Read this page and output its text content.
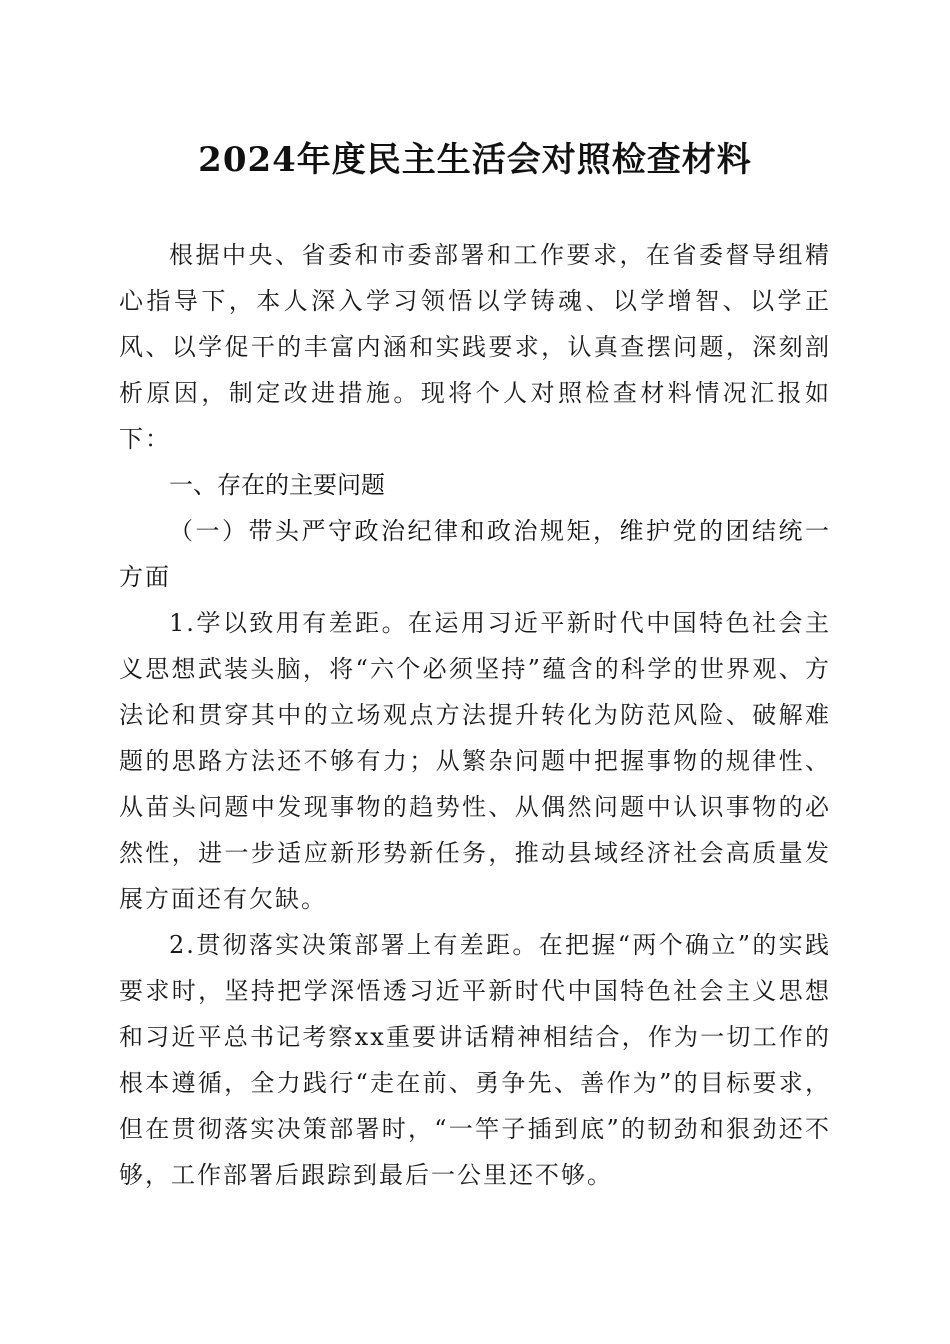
2024年度民主生活会对照检查材料

根据中央、省委和市委部署和工作要求，在省委督导组精心指导下，本人深入学习领悟以学铸魂、以学增智、以学正风、以学促干的丰富内涵和实践要求，认真查摆问题，深刻剖析原因，制定改进措施。现将个人对照检查材料情况汇报如下：

一、存在的主要问题

（一）带头严守政治纪律和政治规矩，维护党的团结统一方面

1.学以致用有差距。在运用习近平新时代中国特色社会主义思想武装头脑，将“六个必须坚持”蕴含的科学的世界观、方法论和贯穿其中的立场观点方法提升转化为防范风险、破解难题的思路方法还不够有力；从繁杂问题中把握事物的规律性、从苗头问题中发现事物的趋势性、从偶然问题中认识事物的必然性，进一步适应新形势新任务，推动县域经济社会高质量发展方面还有欠缺。

2.贯彻落实决策部署上有差距。在把握“两个确立”的实践要求时，坚持把学深悟透习近平新时代中国特色社会主义思想和习近平总书记考察xx重要讲话精神相结合，作为一切工作的根本遵循，全力践行“走在前、勇争先、善作为”的目标要求，但在贯彻落实决策部署时，“一竿子插到底”的韧劲和狠劲还不够，工作部署后跟踪到最后一公里还不够。
